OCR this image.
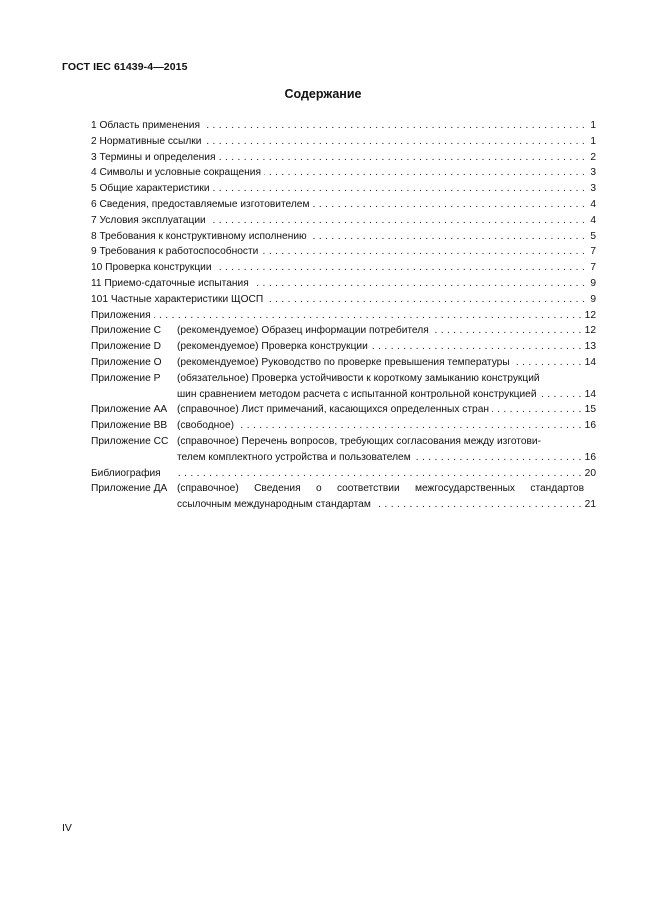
ГОСТ IEC 61439-4—2015
Содержание
1 Область применения . . .	1
2 Нормативные ссылки . . .	1
3 Термины и определения . . .	2
4 Символы и условные сокращения . . .	3
5 Общие характеристики . . .	3
6 Сведения, предоставляемые изготовителем . . .	4
7 Условия эксплуатации . . .	4
8 Требования к конструктивному исполнению . . .	5
9 Требования к работоспособности . . .	7
10 Проверка конструкции . . .	7
11 Приемо-сдаточные испытания . . .	9
101 Частные характеристики ЩОСП . . .	9
Приложения . . .	12
Приложение С	(рекомендуемое) Образец информации потребителя . . .	12
Приложение D	(рекомендуемое) Проверка конструкции . . .	13
Приложение О	(рекомендуемое) Руководство по проверке превышения температуры . . .	14
Приложение Р	(обязательное) Проверка устойчивости к короткому замыканию конструкций
шин сравнением методом расчета с испытанной контрольной конструкцией . . .	14
Приложение АА (справочное) Лист примечаний, касающихся определенных стран . . .	15
Приложение ВВ (свободное) . . .	16
Приложение СС (справочное) Перечень вопросов, требующих согласования между изготови-
телем комплектного устройства и пользователем . . .	16
Библиография . . .	20
Приложение ДА (справочное) Сведения о соответствии межгосударственных стандартов
ссылочным международным стандартам . . .	21
IV
